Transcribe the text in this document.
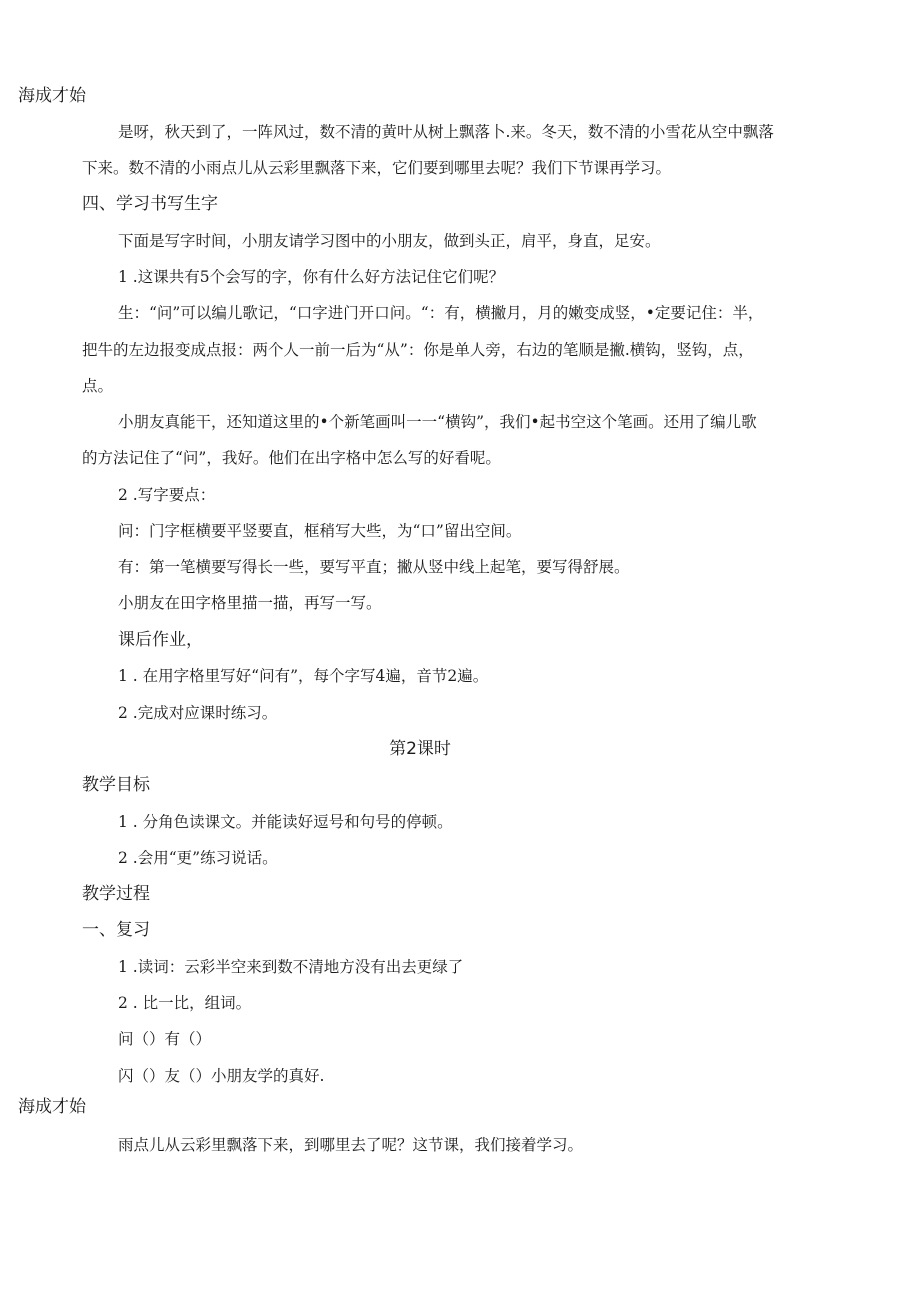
海成才始
是呀，秋天到了，一阵风过，数不清的黄叶从树上飘落卜.来。冬天，数不清的小雪花从空中飘落
下来。数不清的小雨点儿从云彩里飘落下来，它们要到哪里去呢？我们下节课再学习。
四、学习书写生字
下面是写字时间，小朋友请学习图中的小朋友，做到头正，肩平，身直，足安。
1 .这课共有5个会写的字，你有什么好方法记住它们呢？
生：“问”可以编儿歌记，“口字进门开口问。“：有，横撇月，月的嫩变成竖，•定要记住：半，
把牛的左边报变成点报：两个人一前一后为“从”：你是单人旁，右边的笔顺是撇.横钩，竖钩，点，
点。
小朋友真能干，还知道这里的•个新笔画叫一一“横钩”，我们•起书空这个笔画。还用了编儿歌
的方法记住了“问”，我好。他们在出字格中怎么写的好看呢。
2 .写字要点：
问：门字框横要平竖要直，框稍写大些，为“口”留出空间。
有：第一笔横要写得长一些，要写平直；撇从竖中线上起笔，要写得舒展。
小朋友在田字格里描一描，再写一写。
课后作业，
1 . 在用字格里写好“问有”，每个字写4遍，音节2遍。
2 .完成对应课时练习。
第2课时
教学目标
1 . 分角色读课文。并能读好逗号和句号的停顿。
2 .会用“更”练习说话。
教学过程
一、复习
1 .读词：云彩半空来到数不清地方没有出去更绿了
2 . 比一比，组词。
问（）有（）
闪（）友（）小朋友学的真好.
海成才始
雨点儿从云彩里飘落下来，到哪里去了呢？这节课，我们接着学习。
